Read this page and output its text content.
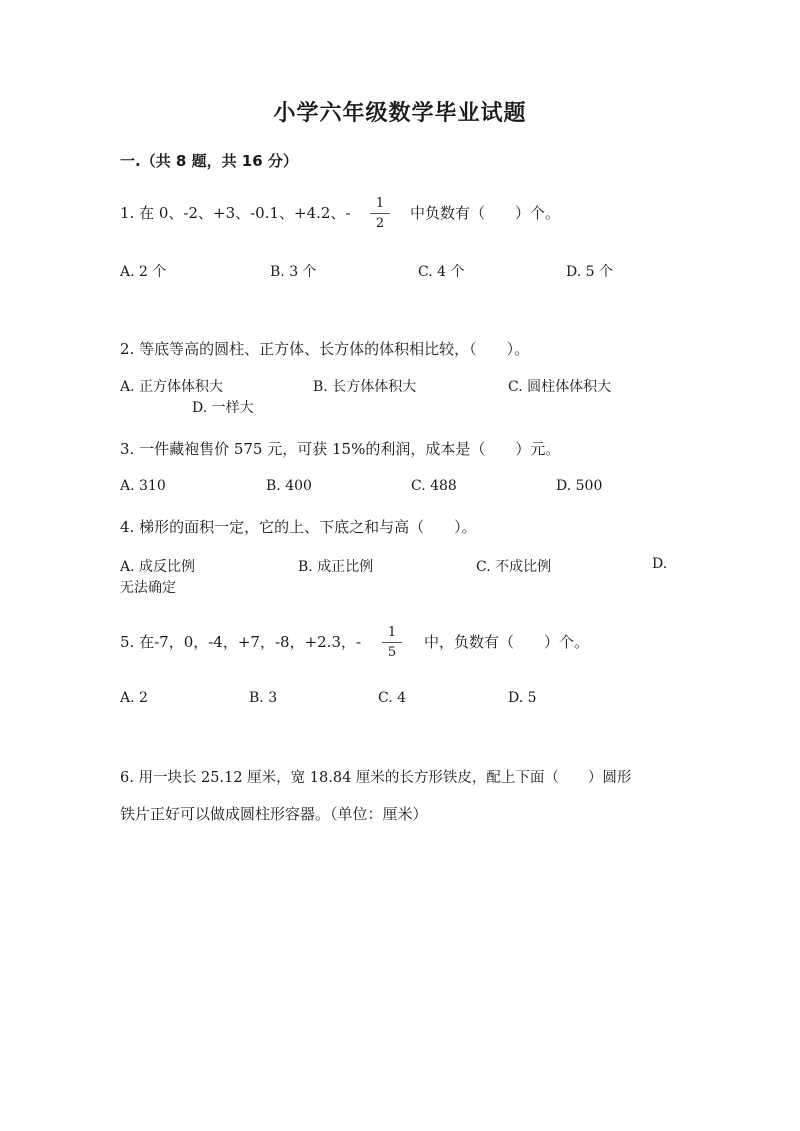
小学六年级数学毕业试题
一.（共 8 题，共 16 分）
1. 在 0、-2、+3、-0.1、+4.2、-
1
2
中负数有（　　）个。
A. 2 个	B. 3 个	C. 4 个	D. 5 个
2. 等底等高的圆柱、正方体、长方体的体积相比较，（　　）。
A. 正方体体积大	B. 长方体体积大	C. 圆柱体体积大
D. 一样大
3. 一件藏袍售价 575 元，可获 15%的利润，成本是（　　）元。
A. 310	B. 400	C. 488	D. 500
4. 梯形的面积一定，它的上、下底之和与高（　　）。
A. 成反比例	B. 成正比例	C. 不成比例	D.
无法确定
5. 在-7，0，-4，+7，-8，+2.3，-
1
5
中，负数有（　　）个。
A. 2	B. 3	C. 4	D. 5
6. 用一块长 25.12 厘米，宽 18.84 厘米的长方形铁皮，配上下面（　　）圆形
铁片正好可以做成圆柱形容器。（单位：厘米）
